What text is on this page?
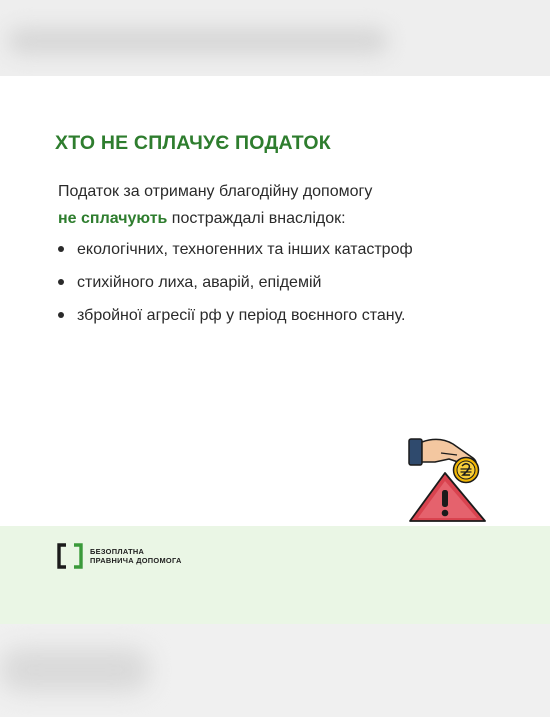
ХТО НЕ СПЛАЧУЄ ПОДАТОК

Податок за отриману благодійну допомогу
не сплачують постраждалі внаслідок:

екологічних, техногенних та інших катастроф
стихійного лиха, аварій, епідемій
збройної агресії рф у період воєнного стану.
БЕЗОПЛАТНА
ПРАВНИЧА ДОПОМОГА
